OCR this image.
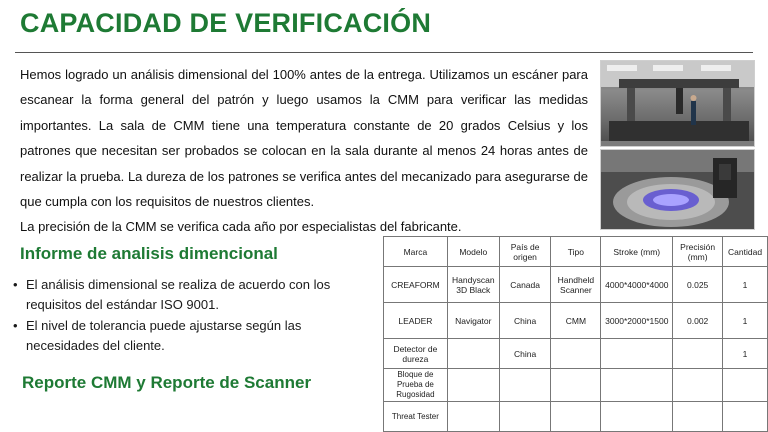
CAPACIDAD DE VERIFICACIÓN

Hemos logrado un análisis dimensional del 100% antes de la entrega. Utilizamos un escáner para escanear la forma general del patrón y luego usamos la CMM para verificar las medidas importantes. La sala de CMM tiene una temperatura constante de 20 grados Celsius y los patrones que necesitan ser probados se colocan en la sala durante al menos 24 horas antes de realizar la prueba. La dureza de los patrones se verifica antes del mecanizado para asegurarse de que cumpla con los requisitos de nuestros clientes.

La precisión de la CMM se verifica cada año por especialistas del fabricante.

Informe de analisis dimencional
• El análisis dimensional se realiza de acuerdo con los requisitos del estándar ISO 9001.
• El nivel de tolerancia puede ajustarse según las necesidades del cliente.
Reporte CMM y Reporte de Scanner
Marca	Modelo	País de origen	Tipo	Stroke (mm)	Precisión (mm)	Cantidad
CREAFORM	Handyscan 3D Black	Canada	Handheld Scanner	4000*4000*4000	0.025	1
LEADER	Navigator	China	CMM	3000*2000*1500	0.002	1
Detector de dureza		China				1
Bloque de Prueba de Rugosidad						
Threat Tester						
